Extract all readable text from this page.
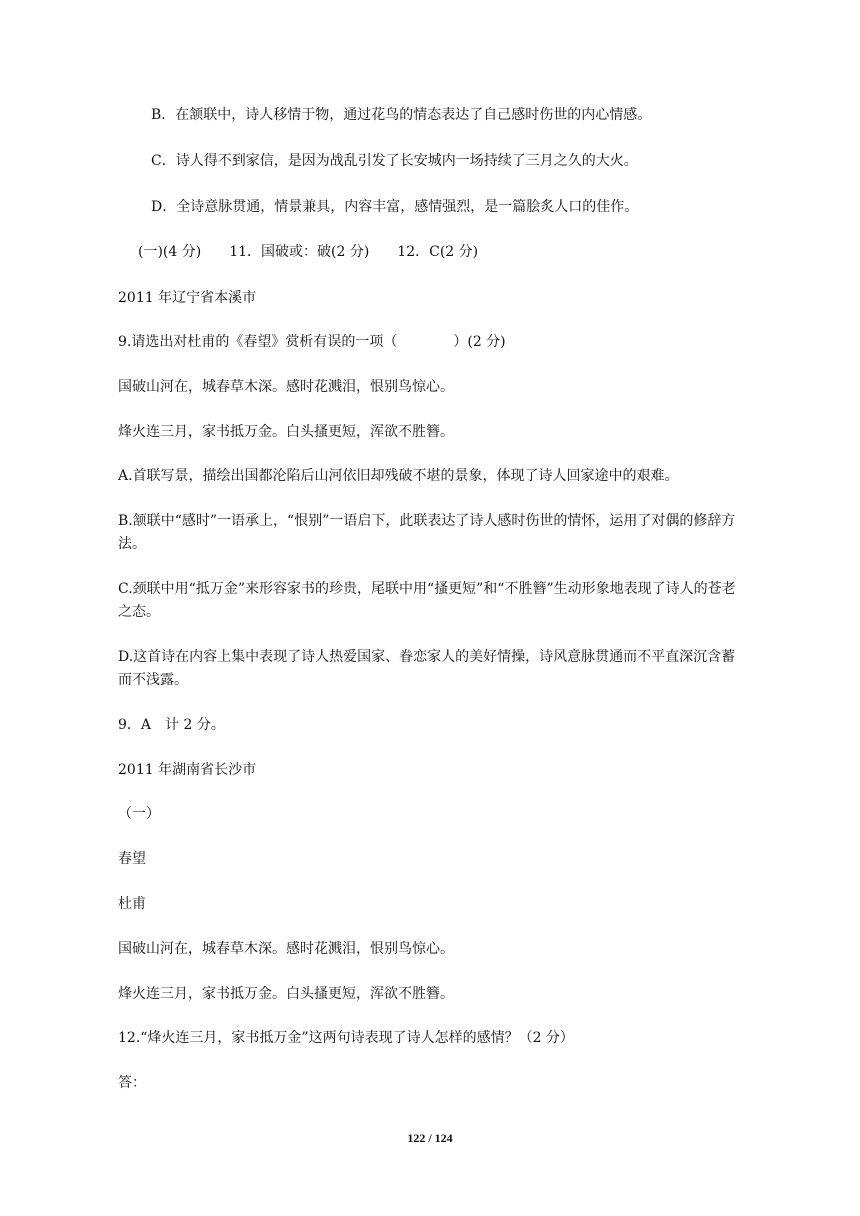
B．在颔联中，诗人移情于物，通过花鸟的情态表达了自己感时伤世的内心情感。
C．诗人得不到家信，是因为战乱引发了长安城内一场持续了三月之久的大火。
D．全诗意脉贯通，情景兼具，内容丰富，感情强烈，是一篇脍炙人口的佳作。
(一)(4 分)　　11．国破或：破(2 分)　　12．C(2 分)
2011 年辽宁省本溪市
9.请选出对杜甫的《春望》赏析有误的一项（　　　　）(2 分)
国破山河在，城春草木深。感时花溅泪，恨别鸟惊心。
烽火连三月，家书抵万金。白头搔更短，浑欲不胜簪。
A.首联写景，描绘出国都沦陷后山河依旧却残破不堪的景象，体现了诗人回家途中的艰难。
B.颔联中“感时”一语承上，“恨别”一语启下，此联表达了诗人感时伤世的情怀，运用了对偶的修辞方法。
C.颈联中用“抵万金”来形容家书的珍贵，尾联中用“搔更短”和“不胜簪”生动形象地表现了诗人的苍老之态。
D.这首诗在内容上集中表现了诗人热爱国家、眷恋家人的美好情操，诗风意脉贯通而不平直深沉含蓄而不浅露。
9．A　计 2 分。
2011 年湖南省长沙市
（一）
春望
杜甫
国破山河在，城春草木深。感时花溅泪，恨别鸟惊心。
烽火连三月，家书抵万金。白头搔更短，浑欲不胜簪。
12.“烽火连三月，家书抵万金”这两句诗表现了诗人怎样的感情？（2 分）
答：
122 / 124
